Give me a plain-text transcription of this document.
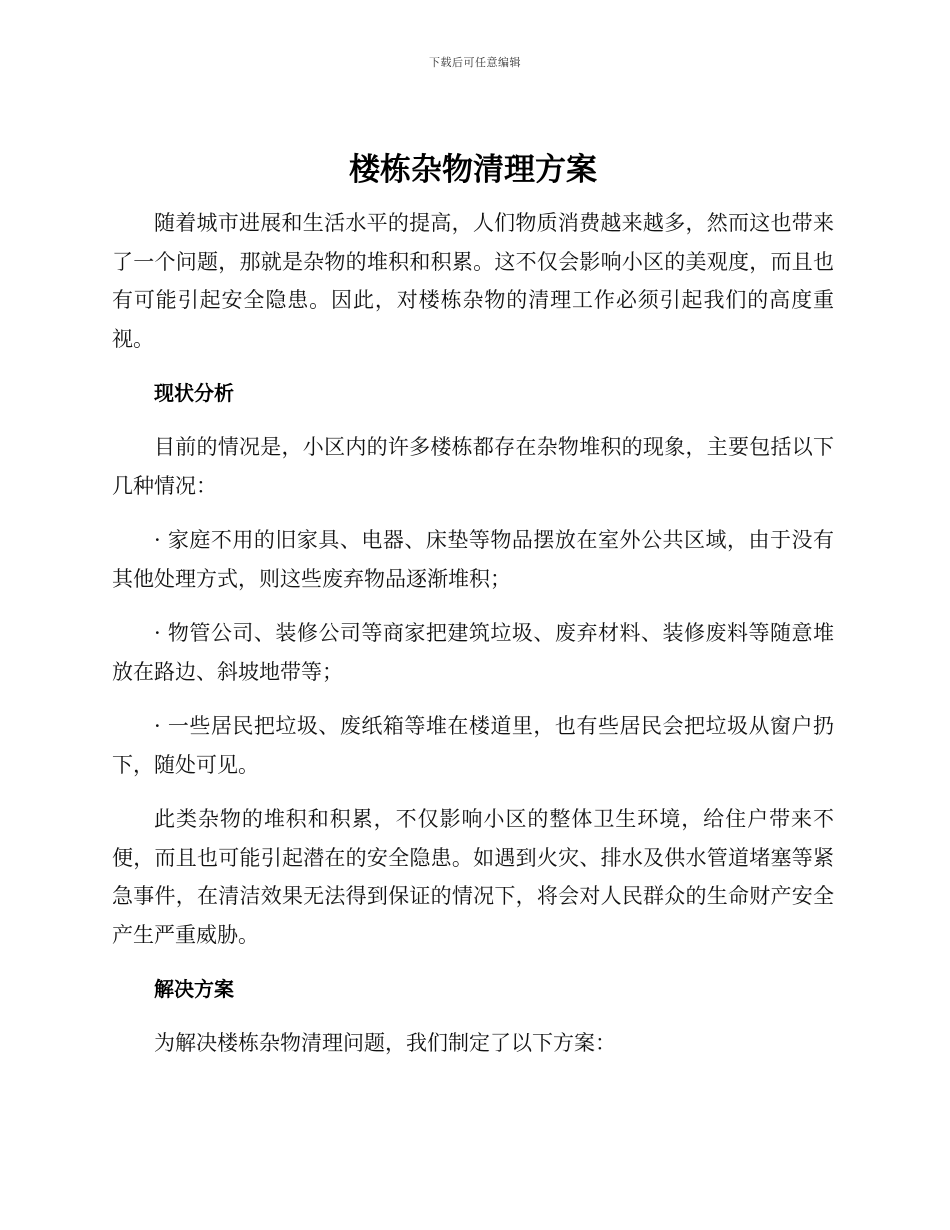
下载后可任意编辑
楼栋杂物清理方案

随着城市进展和生活水平的提高，人们物质消费越来越多，然而这也带来了一个问题，那就是杂物的堆积和积累。这不仅会影响小区的美观度，而且也有可能引起安全隐患。因此，对楼栋杂物的清理工作必须引起我们的高度重视。

现状分析

目前的情况是，小区内的许多楼栋都存在杂物堆积的现象，主要包括以下几种情况：

· 家庭不用的旧家具、电器、床垫等物品摆放在室外公共区域，由于没有其他处理方式，则这些废弃物品逐渐堆积；

· 物管公司、装修公司等商家把建筑垃圾、废弃材料、装修废料等随意堆放在路边、斜坡地带等；

· 一些居民把垃圾、废纸箱等堆在楼道里，也有些居民会把垃圾从窗户扔下，随处可见。

此类杂物的堆积和积累，不仅影响小区的整体卫生环境，给住户带来不便，而且也可能引起潜在的安全隐患。如遇到火灾、排水及供水管道堵塞等紧急事件，在清洁效果无法得到保证的情况下，将会对人民群众的生命财产安全产生严重威胁。

解决方案

为解决楼栋杂物清理问题，我们制定了以下方案：
